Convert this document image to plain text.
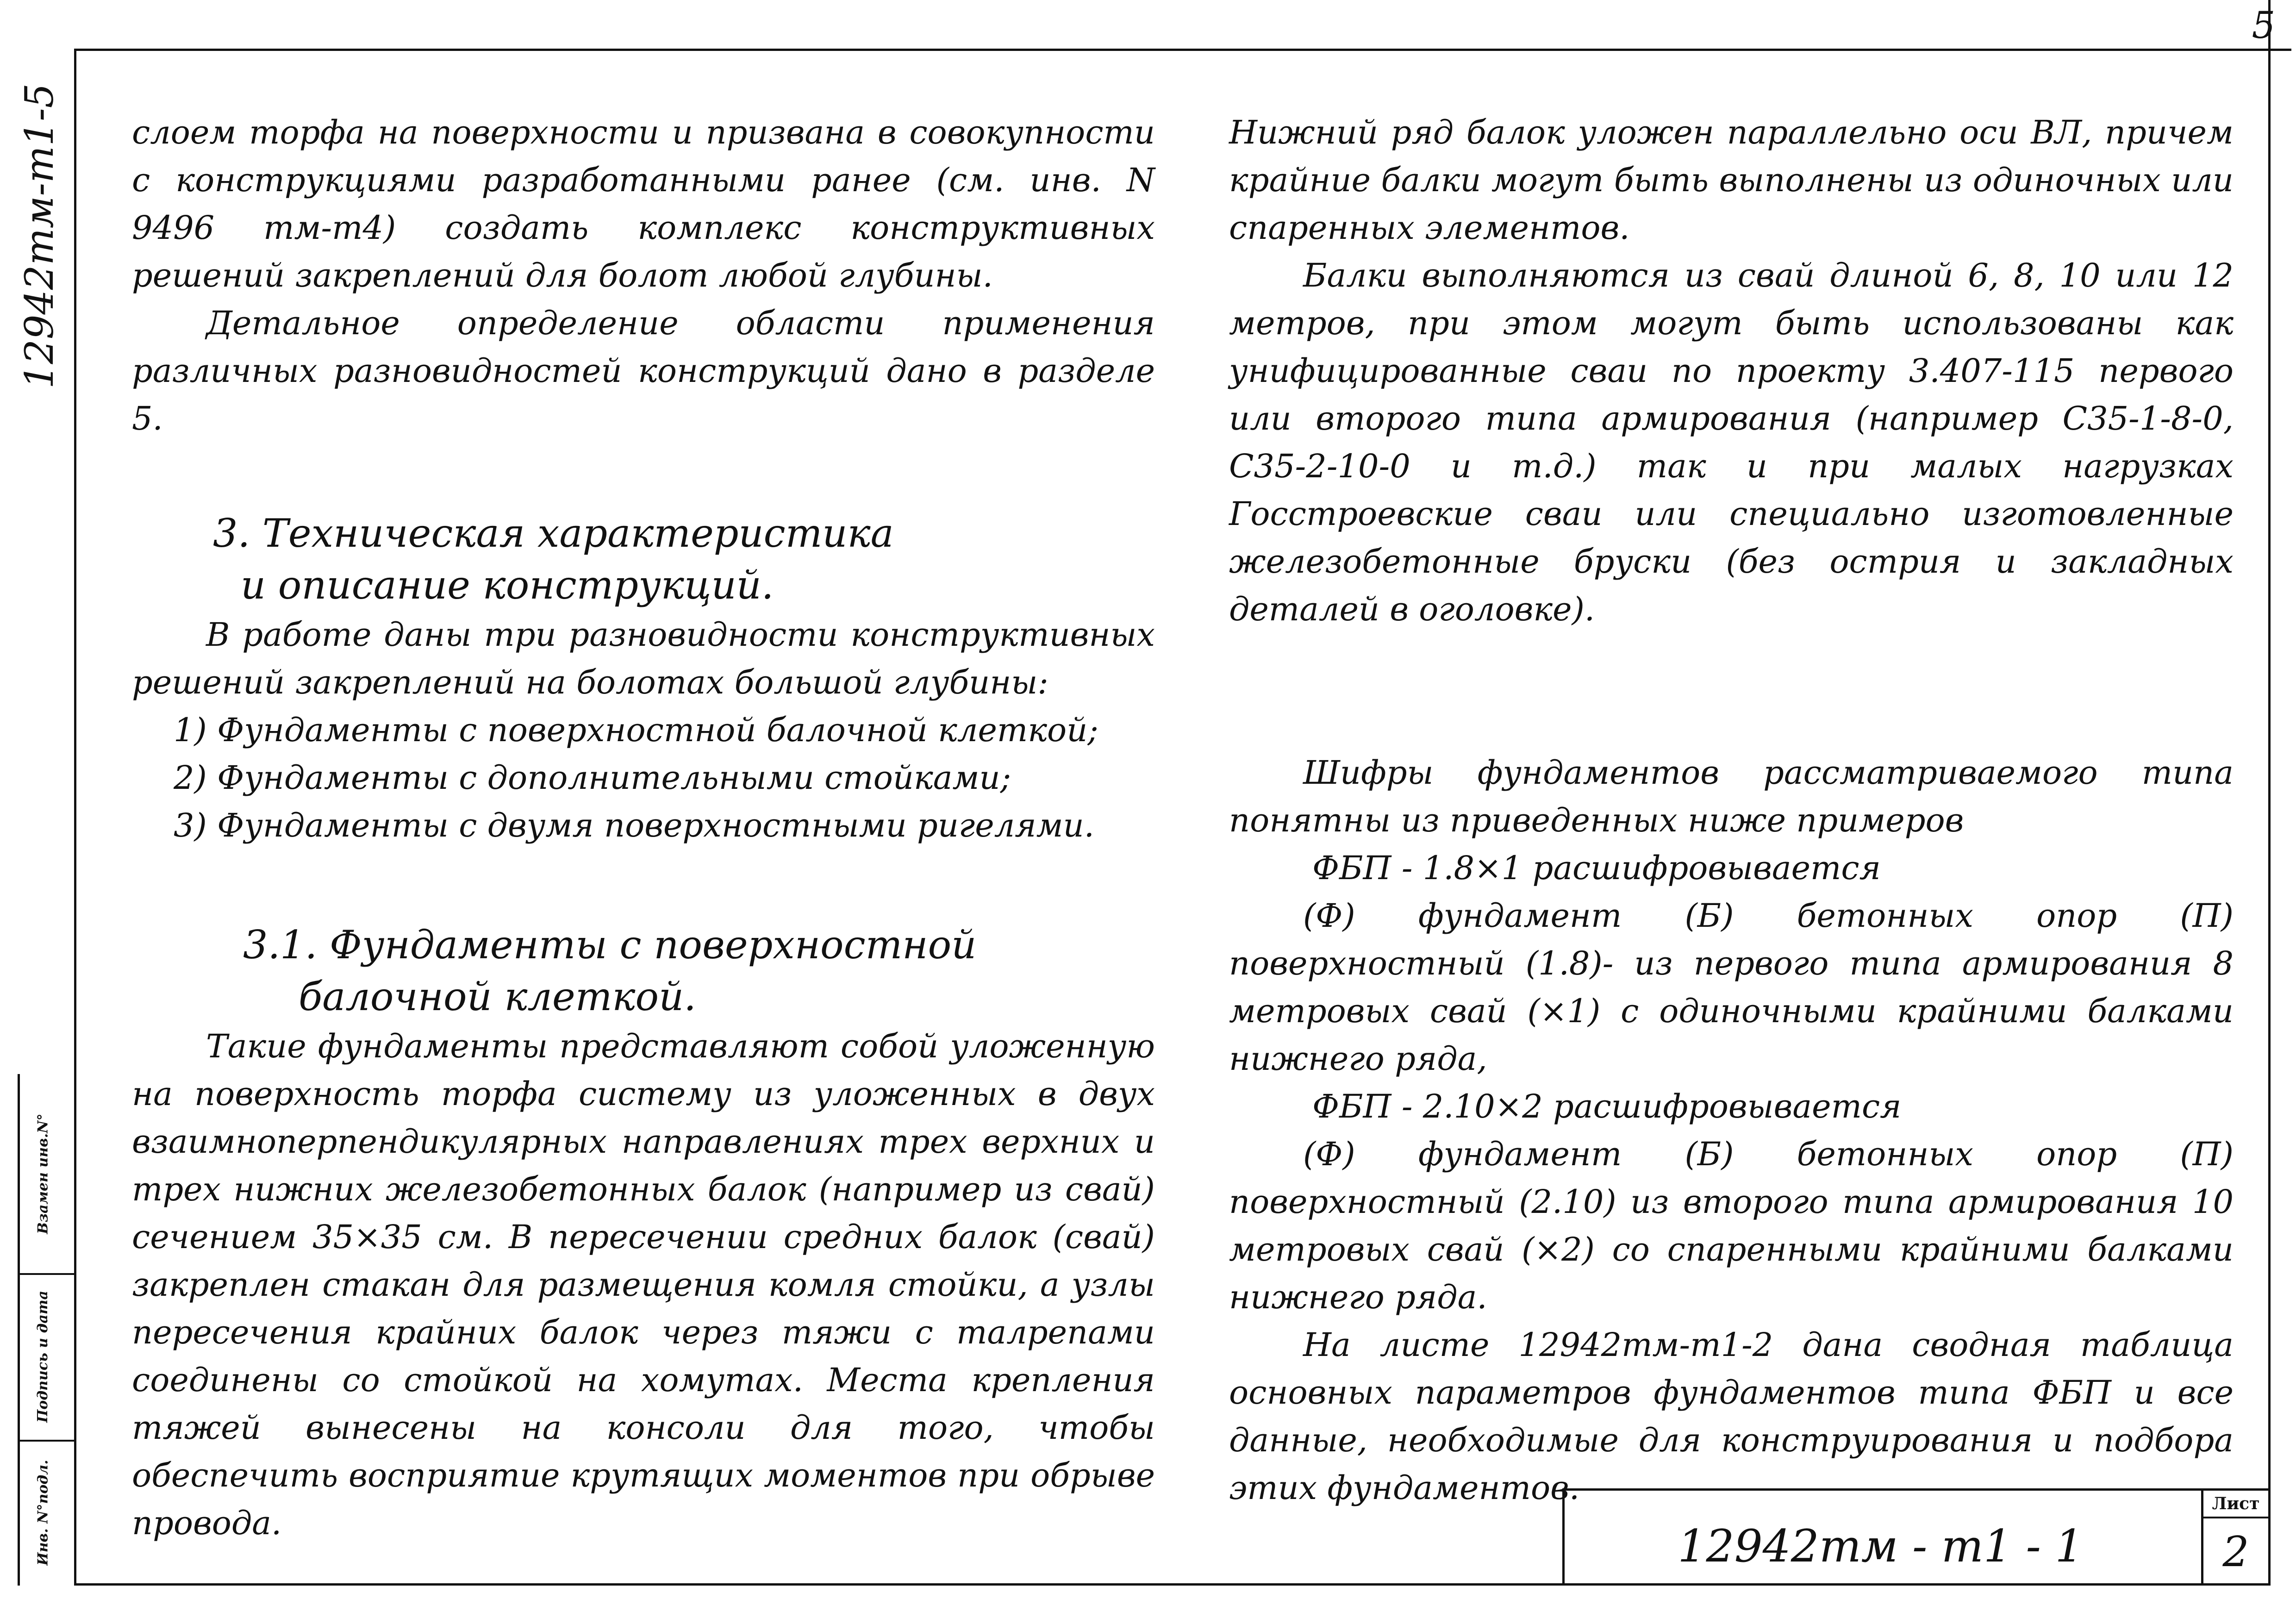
5
12942тм-т1-5
Взамен инв.N°
Подпись и дата
Инв. N°подл.

слоем торфа на поверхности и призвана в совокупности с конструкциями разработанными ранее (см. инв. N 9496 тм-т4) создать комплекс конструктивных решений закреплений для болот любой глубины.

Детальное определение области применения различных разновидностей конструкций дано в разделе 5.

3. Техническая характеристика

и описание конструкций.

В работе даны три разновидности конструктивных решений закреплений на болотах большой глубины:

1) Фундаменты с поверхностной балочной клеткой;

2) Фундаменты с дополнительными стойками;

3) Фундаменты с двумя поверхностными ригелями.

3.1. Фундаменты с поверхностной

балочной клеткой.

Такие фундаменты представляют собой уложенную на поверхность торфа систему из уложенных в двух взаимноперпендикулярных направлениях трех верхних и трех нижних железобетонных балок (например из свай) сечением 35×35 см. В пересечении средних балок (свай) закреплен стакан для размещения комля стойки, а узлы пересечения крайних балок через тяжи с талрепами соединены со стойкой на хомутах. Места крепления тяжей вынесены на консоли для того, чтобы обеспечить восприятие крутящих моментов при обрыве провода.

Нижний ряд балок уложен параллельно оси ВЛ, причем крайние балки могут быть выполнены из одиночных или спаренных элементов.

Балки выполняются из свай длиной 6, 8, 10 или 12 метров, при этом могут быть использованы как унифицированные сваи по проекту 3.407-115 первого или второго типа армирования (например С35-1-8-0, С35-2-10-0 и т.д.) так и при малых нагрузках Госстроевские сваи или специально изготовленные железобетонные бруски (без острия и закладных деталей в оголовке).

Шифры фундаментов рассматриваемого типа понятны из приведенных ниже примеров

ФБП - 1.8×1 расшифровывается

(Ф) фундамент (Б) бетонных опор (П) поверхностный (1.8)- из первого типа армирования 8 метровых свай (×1) с одиночными крайними балками нижнего ряда,

ФБП - 2.10×2 расшифровывается

(Ф) фундамент (Б) бетонных опор (П) поверхностный (2.10) из второго типа армирования 10 метровых свай (×2) со спаренными крайними балками нижнего ряда.

На листе 12942тм-т1-2 дана сводная таблица основных параметров фундаментов типа ФБП и все данные, необходимые для конструирования и подбора этих фундаментов.

12942тм - т1 - 1
Лист
2
